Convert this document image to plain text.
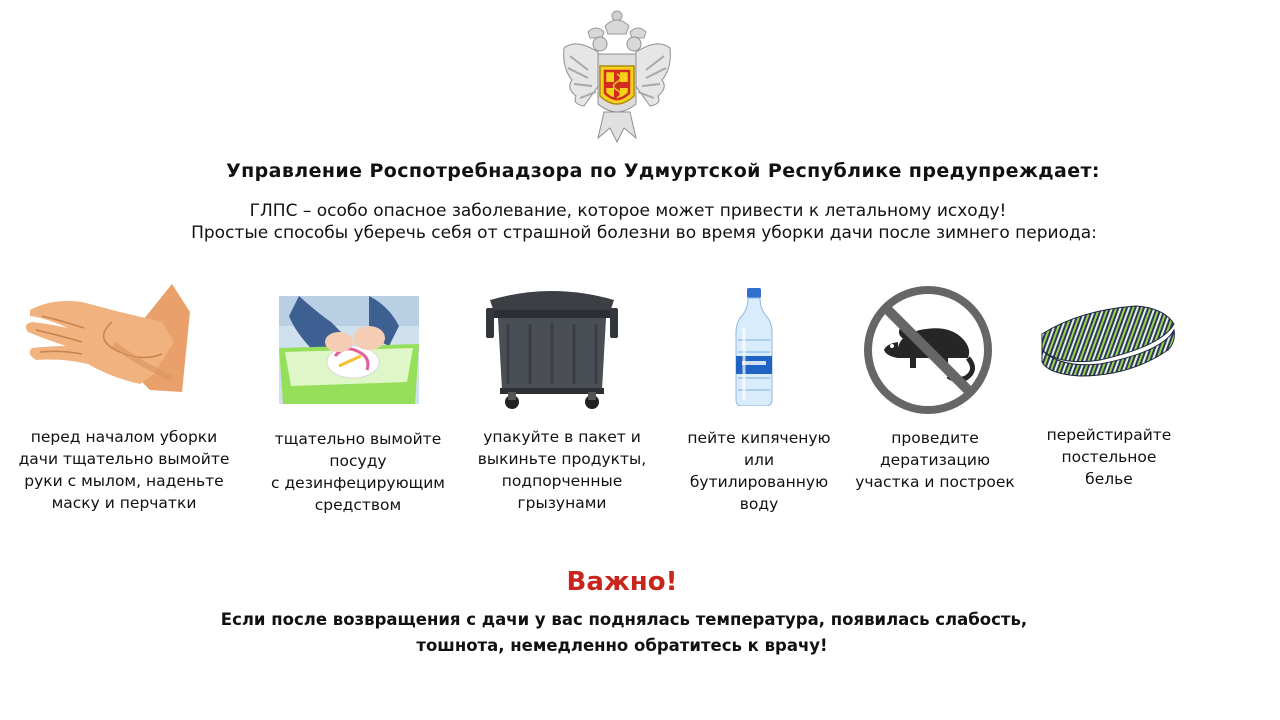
Управление Роспотребнадзора по Удмуртской Республике предупреждает:
ГЛПС – особо опасное заболевание, которое может привести к летальному исходу!
Простые способы уберечь себя от страшной болезни во время уборки дачи после зимнего периода:
перед началом уборки
дачи тщательно вымойте
руки с мылом, наденьте
маску и перчатки
тщательно вымойте
посуду
с дезинфецирующим
средством
упакуйте в пакет и
выкиньте продукты,
подпорченные
грызунами
пейте кипяченую
или
бутилированную
воду
проведите
дератизацию
участка и построек
перейстирайте
постельное
белье
Важно!
Если после возвращения с дачи у вас поднялась температура, появилась слабость,
тошнота, немедленно обратитесь к врачу!
